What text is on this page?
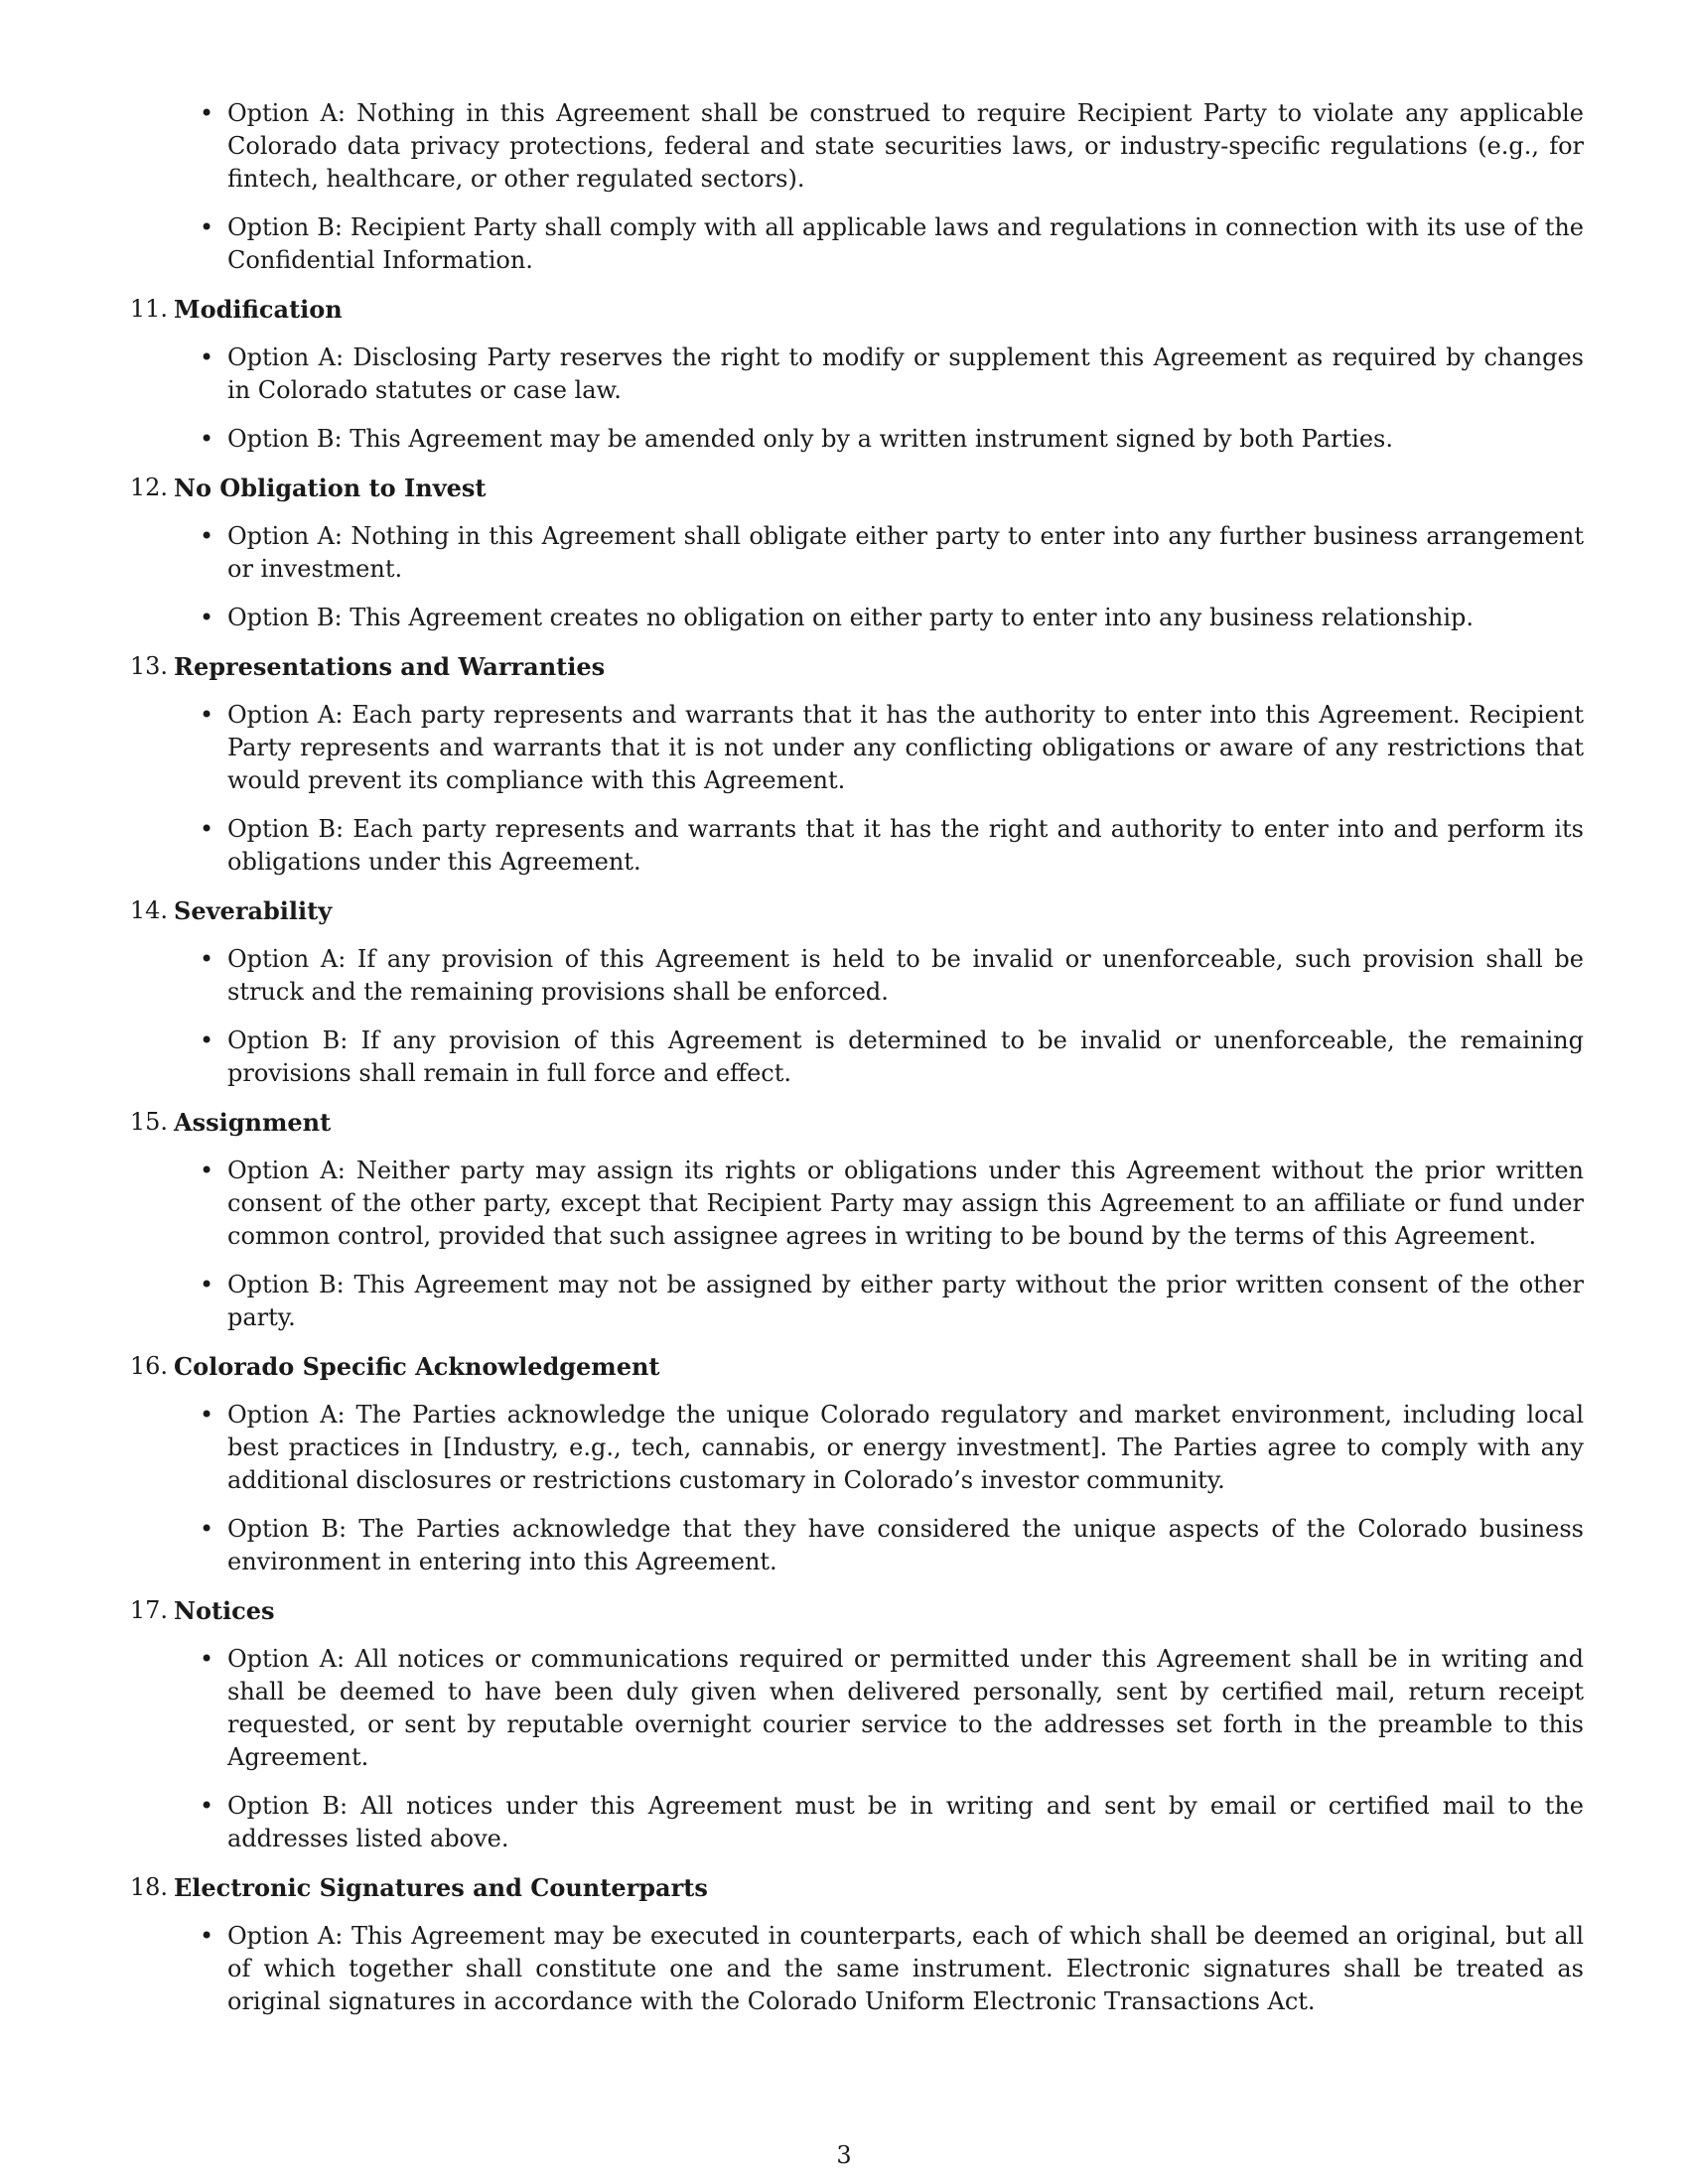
• Option A: Nothing in this Agreement shall be construed to require Recipient Party to violate any applicable Colorado data privacy protections, federal and state securities laws, or industry-specific regulations (e.g., for fintech, healthcare, or other regulated sectors).
• Option B: Recipient Party shall comply with all applicable laws and regulations in connection with its use of the Confidential Information.
11. Modification
• Option A: Disclosing Party reserves the right to modify or supplement this Agreement as required by changes in Colorado statutes or case law.
• Option B: This Agreement may be amended only by a written instrument signed by both Parties.
12. No Obligation to Invest
• Option A: Nothing in this Agreement shall obligate either party to enter into any further business arrangement or investment.
• Option B: This Agreement creates no obligation on either party to enter into any business relationship.
13. Representations and Warranties
• Option A: Each party represents and warrants that it has the authority to enter into this Agreement. Recipient Party represents and warrants that it is not under any conflicting obligations or aware of any restrictions that would prevent its compliance with this Agreement.
• Option B: Each party represents and warrants that it has the right and authority to enter into and perform its obligations under this Agreement.
14. Severability
• Option A: If any provision of this Agreement is held to be invalid or unenforceable, such provision shall be struck and the remaining provisions shall be enforced.
• Option B: If any provision of this Agreement is determined to be invalid or unenforceable, the remaining provisions shall remain in full force and effect.
15. Assignment
• Option A: Neither party may assign its rights or obligations under this Agreement without the prior written consent of the other party, except that Recipient Party may assign this Agreement to an affiliate or fund under common control, provided that such assignee agrees in writing to be bound by the terms of this Agreement.
• Option B: This Agreement may not be assigned by either party without the prior written consent of the other party.
16. Colorado Specific Acknowledgement
• Option A: The Parties acknowledge the unique Colorado regulatory and market environment, including local best practices in [Industry, e.g., tech, cannabis, or energy investment]. The Parties agree to comply with any additional disclosures or restrictions customary in Colorado’s investor community.
• Option B: The Parties acknowledge that they have considered the unique aspects of the Colorado business environment in entering into this Agreement.
17. Notices
• Option A: All notices or communications required or permitted under this Agreement shall be in writing and shall be deemed to have been duly given when delivered personally, sent by certified mail, return receipt requested, or sent by reputable overnight courier service to the addresses set forth in the preamble to this Agreement.
• Option B: All notices under this Agreement must be in writing and sent by email or certified mail to the addresses listed above.
18. Electronic Signatures and Counterparts
• Option A: This Agreement may be executed in counterparts, each of which shall be deemed an original, but all of which together shall constitute one and the same instrument. Electronic signatures shall be treated as original signatures in accordance with the Colorado Uniform Electronic Transactions Act.
3
